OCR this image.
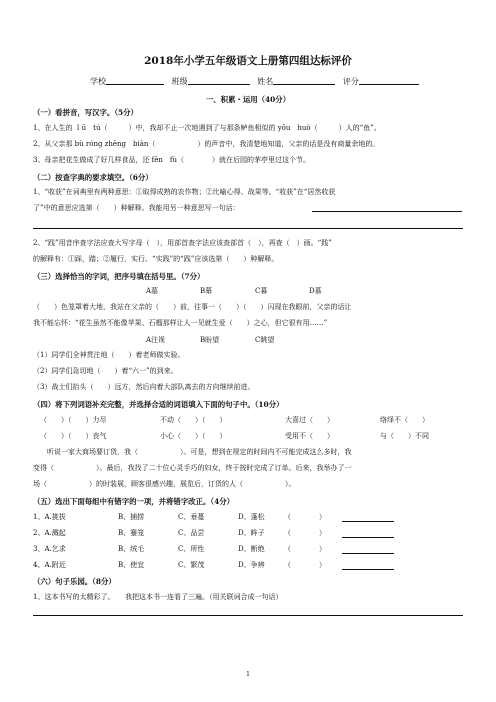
2018年小学五年级语文上册第四组达标评价
学校	班级	姓名	评分
一、积累・运用（40分）
（一）看拼音，写汉字。（5分）
1、在人生的 ｌū　tú（　　　）中，我却不止一次地遇到了与那条鲈鱼相似的 yōu　huò（　　　）人的“鱼”。
2、从父亲那 bù róng zhēng　biàn（　　　　　　）的声音中，我清楚地知道，父亲的话是没有商量余地的。
3、母亲把花生做成了好几样食品，还 fēn　fù（　　　　）就在后园的茅亭里过这个节。
（二）按查字典的要求填空。（6分）
1、“收获”在词典里有两种意思：①取得成熟的农作物；②比喻心得、战果等。“收获”在“居然收获
了”中的意思应选第（　　）种解释。我能用另一种意思写一句话：
2、“践”用音序查字法应查大写字母（　），用部首查字法应该查部首（　），再查（　）画。“践”
的解释有：①踩，踏；②履行，实行。“实践”的“践”应该选第（　　）种解释。
（三）选择恰当的字词，把序号填在括号里。（7分）
A墓	B幕	C暮	D慕
（　　）色笼罩着大地，我站在父亲的（　　）前，往事一（　　）（　　）闪现在我眼前，父亲的话让
我不能忘怀：“花生虽然不能像苹果、石榴那样让人一见就生爱（　　）之心，但它很有用……”
A注视	B盼望	C眺望
（1）同学们全神贯注地（　　）着老师做实验。
（2）同学们急切地（　　）着“六一”的到来。
（3）战士们抬头（　　）远方，然后向着大部队离去的方向继续前进。
（四）将下列词语补充完整，并选择合适的词语填入下面的句子中。（10分）
（　　）（　　）力尽	不动（　　）（　　）	大喜过（　　）	络绎不（　　）
（　　）（　　）丧气	小心（　　）（　　）	受用不（　　）	与（　　）不同
听说一家大商场要订货，我（　　　　　　）。可是，想到在规定的时间内不可能完成这么多时，我
变得（　　　　　　）。最后，我找了二十位心灵手巧的妇女，终于按时完成了订单。后来，我举办了一
场（　　　　　　）的时装展，顾客很感兴趣，展览后，订货的人（　　　　　　）。
（五）选出下面每组中有错字的一项，并将错字改正。（4分）
1、A.挑拔	B、捕捞	C、垂蔓	D、蓬松	（　　　　）
2、A.溅起	B、蹇笼	C、品尝	D、眸子	（　　　　）
3、A.乞求	B、绒毛	C、所性	D、断绝	（　　　　）
4、A.附近	B、使宜	C、繁茂	D、争辨	（　　　　）
（六）句子乐园。（8分）
1、这本书写的太精彩了。　　我把这本书一连看了三遍。（用关联词合成一句话）
1
